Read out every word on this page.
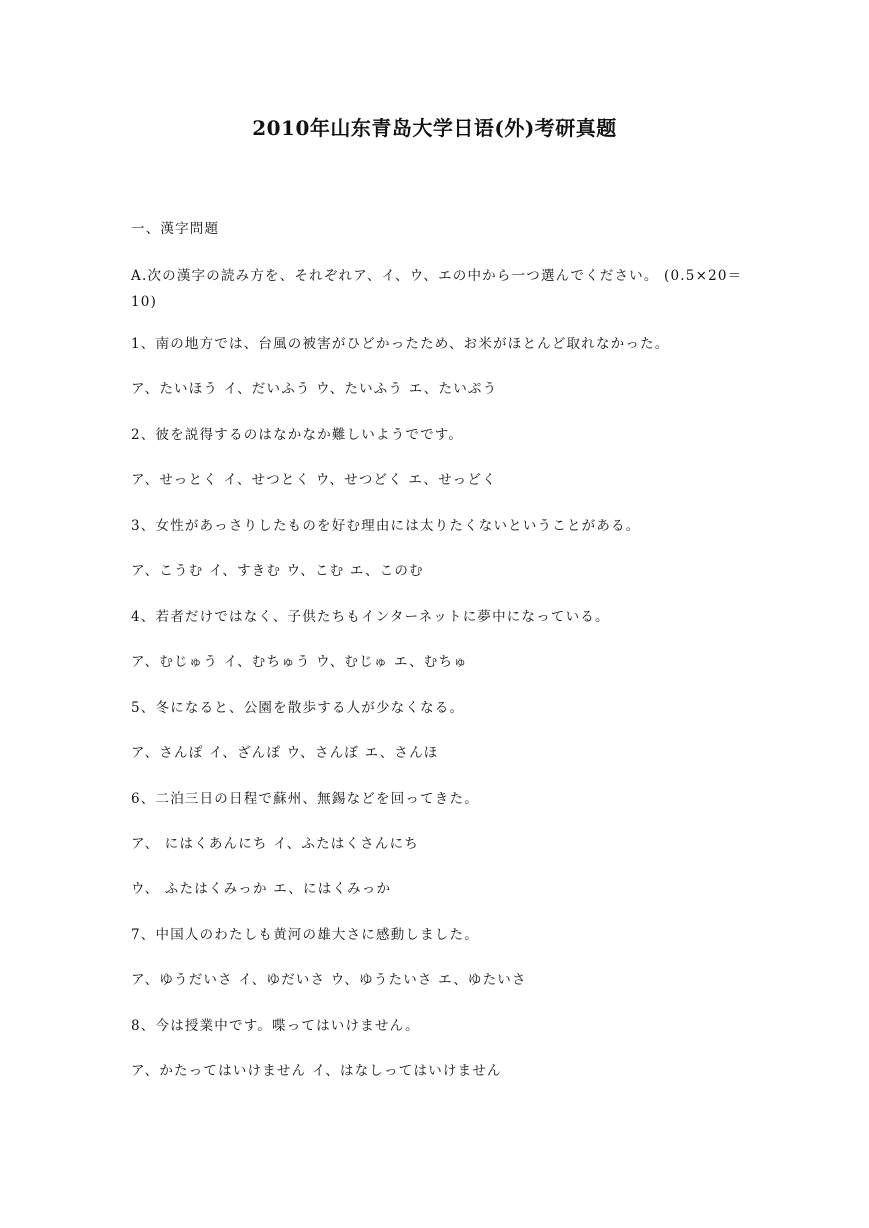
2010年山东青岛大学日语(外)考研真题
一、漢字問題
A.次の漢字の読み方を、それぞれア、イ、ウ、エの中から一つ選んでください。 (0.5×20＝10)
1、南の地方では、台風の被害がひどかったため、お米がほとんど取れなかった。
ア、たいほう イ、だいふう ウ、たいふう エ、たいぷう
2、彼を説得するのはなかなか難しいようでです。
ア、せっとく イ、せつとく ウ、せつどく エ、せっどく
3、女性があっさりしたものを好む理由には太りたくないということがある。
ア、こうむ イ、すきむ ウ、こむ エ、このむ
4、若者だけではなく、子供たちもインターネットに夢中になっている。
ア、むじゅう イ、むちゅう ウ、むじゅ エ、むちゅ
5、冬になると、公園を散歩する人が少なくなる。
ア、さんぽ イ、ざんぽ ウ、さんぼ エ、さんほ
6、二泊三日の日程で蘇州、無錫などを回ってきた。
ア、 にはくあんにち イ、ふたはくさんにち
ウ、 ふたはくみっか エ、にはくみっか
7、中国人のわたしも黄河の雄大さに感動しました。
ア、ゆうだいさ イ、ゆだいさ ウ、ゆうたいさ エ、ゆたいさ
8、今は授業中です。喋ってはいけません。
ア、かたってはいけません イ、はなしってはいけません
